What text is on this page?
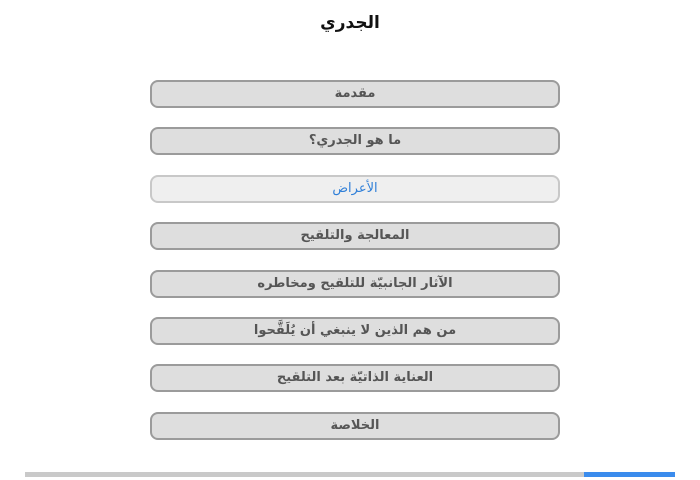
الجدري
مقدمة
ما هو الجدري؟
الأعراض
المعالجة والتلقيح
الآثار الجانبيّة للتلقيح ومخاطره
من هم الذين لا ينبغي أن يُلَقَّحوا
العناية الذاتيّة بعد التلقيح
الخلاصة
